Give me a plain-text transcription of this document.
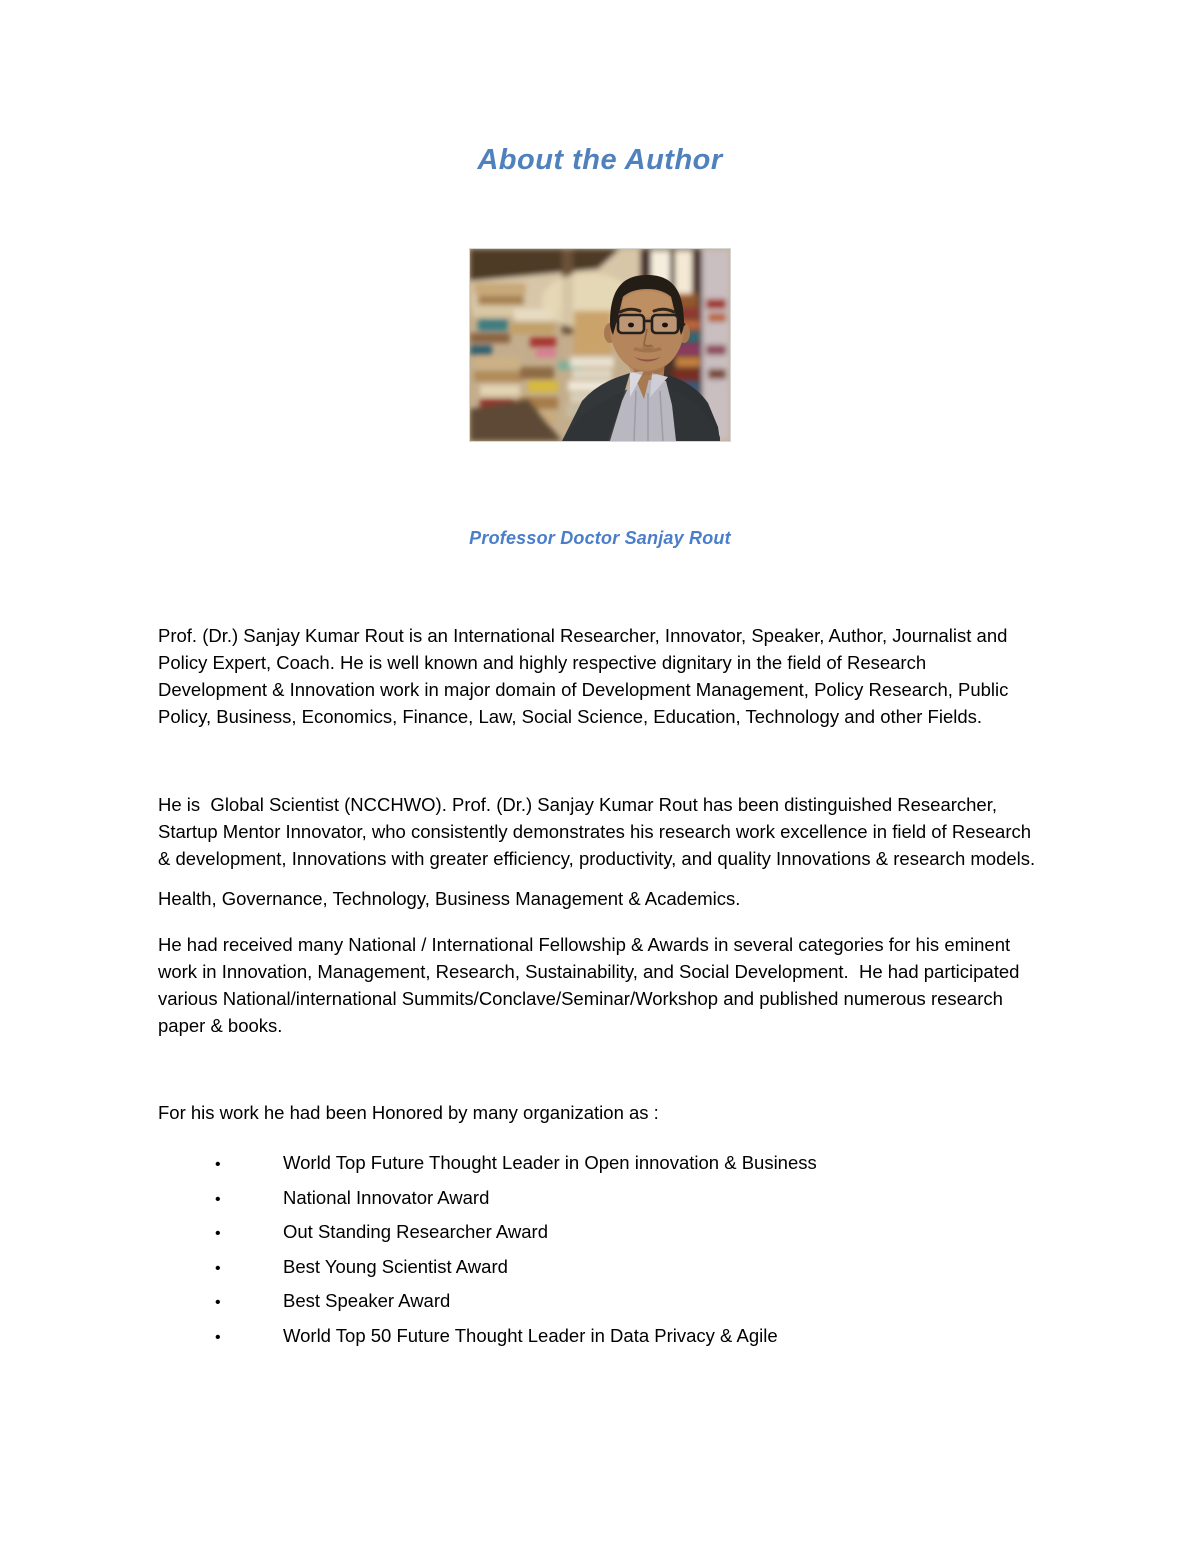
About the Author
Professor Doctor Sanjay Rout

Prof. (Dr.) Sanjay Kumar Rout is an International Researcher, Innovator, Speaker, Author, Journalist and Policy Expert, Coach. He is well known and highly respective dignitary in the field of Research Development & Innovation work in major domain of Development Management, Policy Research, Public Policy, Business, Economics, Finance, Law, Social Science, Education, Technology and other Fields.

He is  Global Scientist (NCCHWO). Prof. (Dr.) Sanjay Kumar Rout has been distinguished Researcher, Startup Mentor Innovator, who consistently demonstrates his research work excellence in field of Research & development, Innovations with greater efficiency, productivity, and quality Innovations & research models.

Health, Governance, Technology, Business Management & Academics.

He had received many National / International Fellowship & Awards in several categories for his eminent work in Innovation, Management, Research, Sustainability, and Social Development.  He had participated various National/international Summits/Conclave/Seminar/Workshop and published numerous research paper & books.

For his work he had been Honored by many organization as :

•	World Top Future Thought Leader in Open innovation & Business
•	National Innovator Award
•	Out Standing Researcher Award
•	Best Young Scientist Award
•	Best Speaker Award
•	World Top 50 Future Thought Leader in Data Privacy & Agile
